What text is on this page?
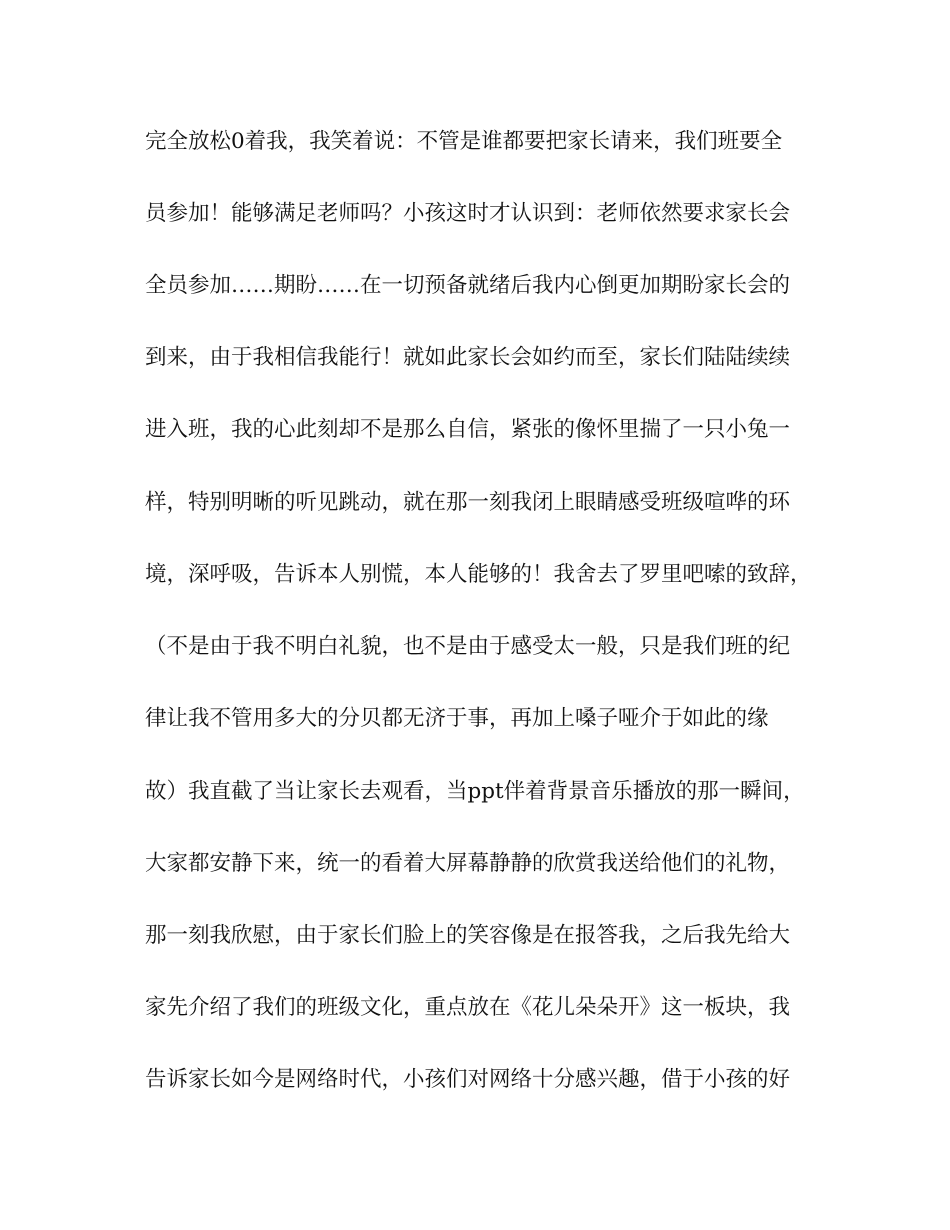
完全放松0着我，我笑着说：不管是谁都要把家长请来，我们班要全
员参加！能够满足老师吗？小孩这时才认识到：老师依然要求家长会
全员参加……期盼……在一切预备就绪后我内心倒更加期盼家长会的
到来，由于我相信我能行！就如此家长会如约而至，家长们陆陆续续
进入班，我的心此刻却不是那么自信，紧张的像怀里揣了一只小兔一
样，特别明晰的听见跳动，就在那一刻我闭上眼睛感受班级喧哗的环
境，深呼吸，告诉本人别慌，本人能够的！我舍去了罗里吧嗦的致辞，
（不是由于我不明白礼貌，也不是由于感受太一般，只是我们班的纪
律让我不管用多大的分贝都无济于事，再加上嗓子哑介于如此的缘
故）我直截了当让家长去观看，当ppt伴着背景音乐播放的那一瞬间，
大家都安静下来，统一的看着大屏幕静静的欣赏我送给他们的礼物，
那一刻我欣慰，由于家长们脸上的笑容像是在报答我，之后我先给大
家先介绍了我们的班级文化，重点放在《花儿朵朵开》这一板块，我
告诉家长如今是网络时代，小孩们对网络十分感兴趣，借于小孩的好
